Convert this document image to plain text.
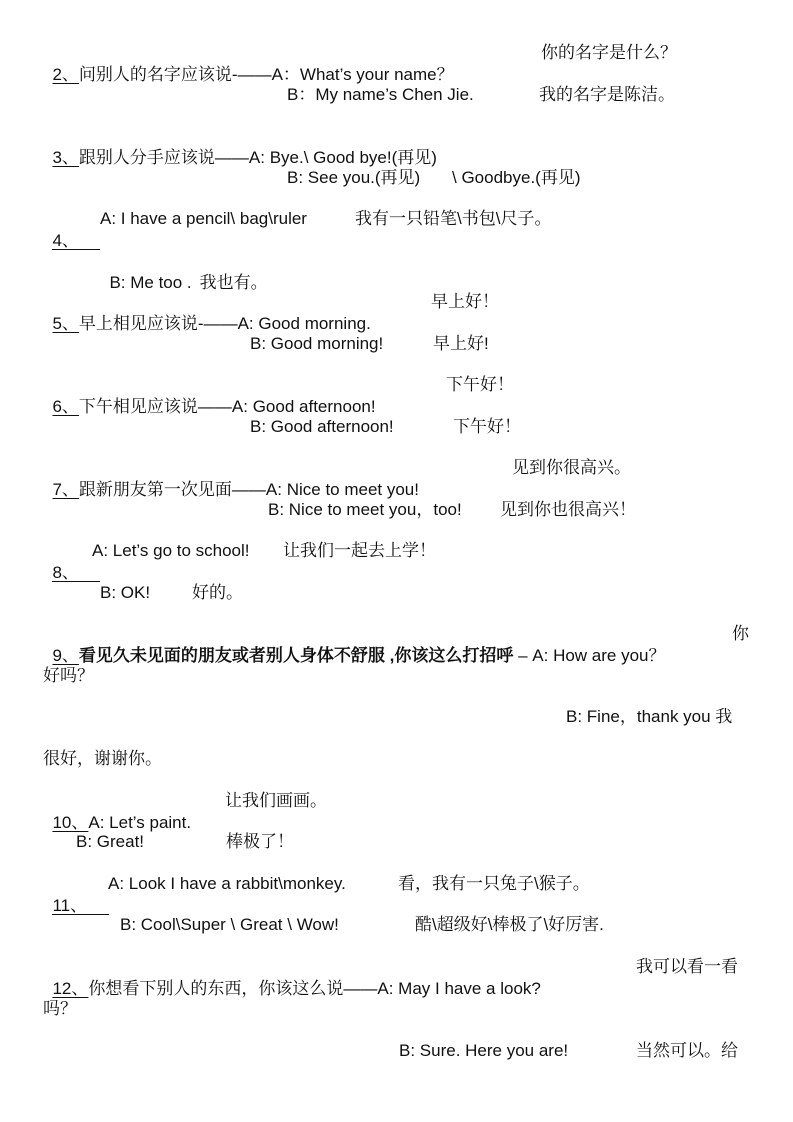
2、问别人的名字应该说-——A：What’s your name？

你的名字是什么？
B：My name’s Chen Jie.	我的名字是陈洁。

3、跟别人分手应该说——A: Bye.\ Good bye!(再见)

B: See you.(再见) \ Goodbye.(再见)

4、

A: I have a pencil\ bag\ruler	我有一只铅笔\书包\尺子。

B: Me too . 我也有。

5、早上相见应该说-——A: Good morning.

早上好！
B: Good morning!	早上好!

6、下午相见应该说——A: Good afternoon!

下午好！
B: Good afternoon!	下午好！

7、跟新朋友第一次见面——A: Nice to meet you!

见到你很高兴。
B: Nice to meet you，too! 见到你也很高兴！

8、

A: Let’s go to school! 让我们一起去上学！
B: OK! 好的。

9、看见久未见面的朋友或者别人身体不舒服 ,你该这么打招呼 – A: How are you？

你
好吗？
B: Fine，thank you 我
很好，谢谢你。

10、A: Let’s paint.

让我们画画。
B: Great!	棒极了！

11、

A: Look I have a rabbit\monkey.	看，我有一只兔子\猴子。
B: Cool\Super \ Great \ Wow!	酷\超级好\棒极了\好厉害.

12、你想看下别人的东西，你该这么说——A: May I have a look?

我可以看一看
吗？
B: Sure. Here you are!	当然可以。给
